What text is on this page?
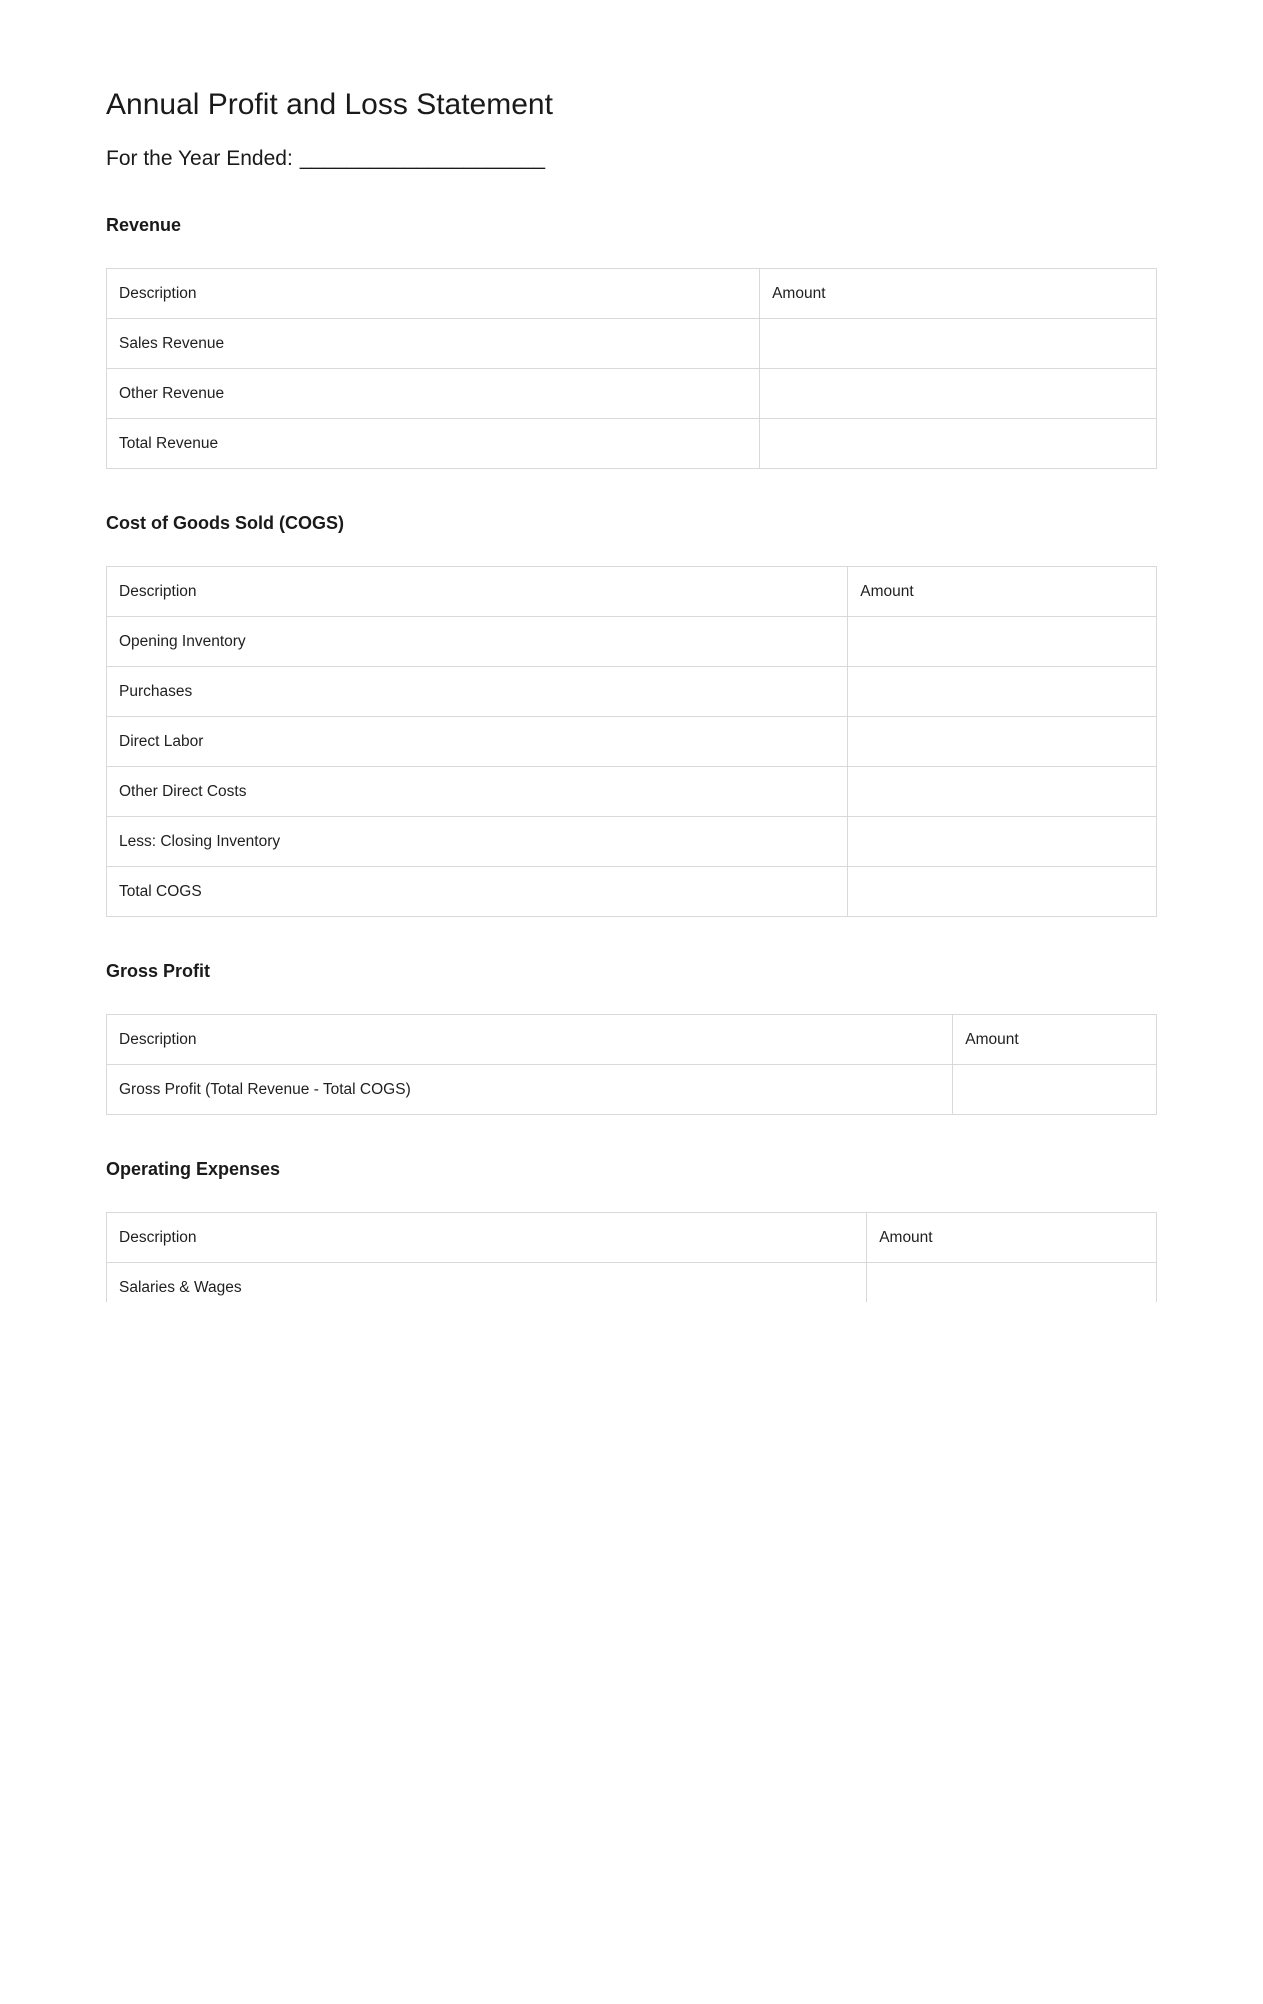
Annual Profit and Loss Statement

For the Year Ended: _____________________

Revenue
Description	Amount
Sales Revenue	
Other Revenue	
Total Revenue	
Cost of Goods Sold (COGS)
Description	Amount
Opening Inventory	
Purchases	
Direct Labor	
Other Direct Costs	
Less: Closing Inventory	
Total COGS	
Gross Profit
Description	Amount
Gross Profit (Total Revenue - Total COGS)	
Operating Expenses
Description	Amount
Salaries & Wages	
